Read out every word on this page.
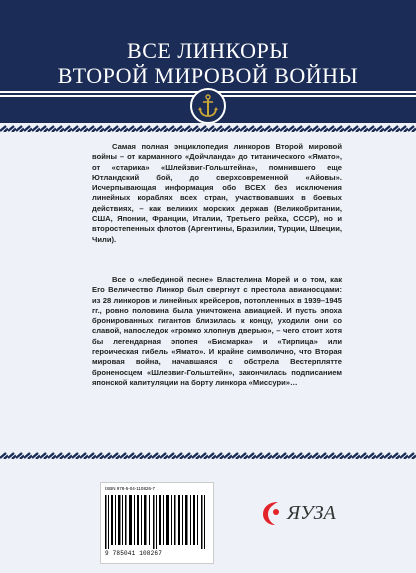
ВСЕ ЛИНКОРЫ
ВТОРОЙ МИРОВОЙ ВОЙНЫ
Самая полная энциклопедия линкоров Второй мировой войны – от карманного «Дойчланда» до титанического «Ямато», от «старика» «Шлейзвиг-Гольштейна», помнившего еще Ютландский бой, до сверхсовременной «Айовы». Исчерпывающая информация обо ВСЕХ без исключения линейных кораблях всех стран, участвовавших в боевых действиях, – как великих морских держав (Великобритании, США, Японии, Франции, Италии, Третьего рейха, СССР), но и второстепенных флотов (Аргентины, Бразилии, Турции, Швеции, Чили).
Все о «лебединой песне» Властелина Морей и о том, как Его Величество Линкор был свергнут с престола авианосцами: из 28 линкоров и линейных крейсеров, потопленных в 1939–1945 гг., ровно половина была уничтожена авиацией. И пусть эпоха бронированных гигантов близилась к концу, уходили они со славой, напоследок «громко хлопнув дверью», – чего стоит хотя бы легендарная эпопея «Бисмарка» и «Тирпица» или героическая гибель «Ямато». И крайне символично, что Вторая мировая война, начавшаяся с обстрела Вестерплятте броненосцем «Шлезвиг-Гольштейн», закончилась подписанием японской капитуляции на борту линкора «Миссури»…
ISBN 978-5-04-110826-7
9 785041 108267
ЯУЗА
